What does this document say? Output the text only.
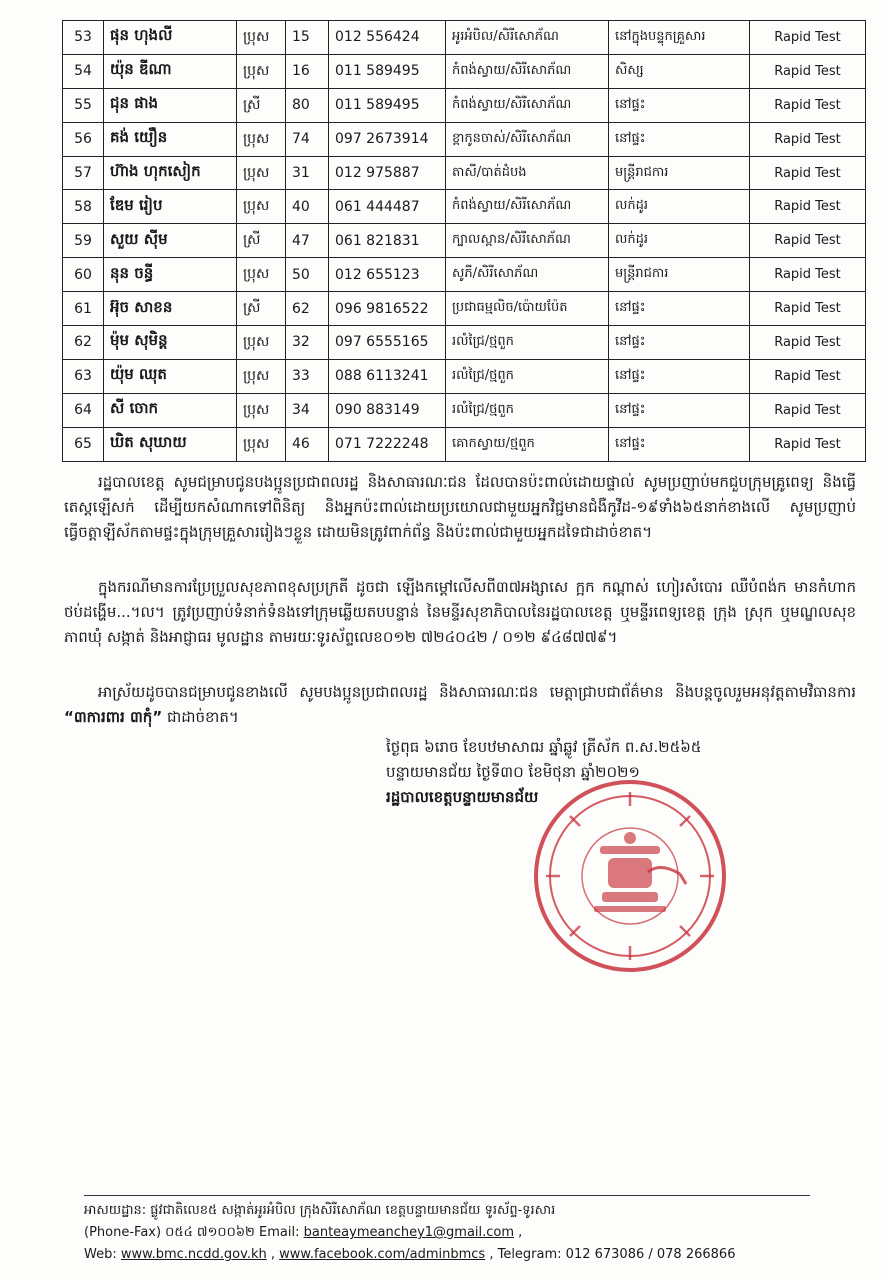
53	ផុន ហុងលី	ប្រុស	15	012 556424	អូរអំបិល/សិរីសោភ័ណ	នៅក្នុងបន្ទុកគ្រួសារ	Rapid Test
54	យ៉ុន ឌីណា	ប្រុស	16	011 589495	កំពង់ស្វាយ/សិរីសោភ័ណ	សិស្ស	Rapid Test
55	ជុន ផាង	ស្រី	80	011 589495	កំពង់ស្វាយ/សិរីសោភ័ណ	នៅផ្ទះ	Rapid Test
56	គង់ យឿន	ប្រុស	74	097 2673914	ខ្ពាកូនចាស់/សិរីសោភ័ណ	នៅផ្ទះ	Rapid Test
57	ហ៊ាង ហុកសៀក	ប្រុស	31	012 975887	តាសី/បាត់ដំបង	មន្ត្រីរាជការ	Rapid Test
58	ឌែម រៀប	ប្រុស	40	061 444487	កំពង់ស្វាយ/សិរីសោភ័ណ	លក់ដូរ	Rapid Test
59	សួយ ស៊ីម	ស្រី	47	061 821831	ក្បាលស្ពាន/សិរីសោភ័ណ	លក់ដូរ	Rapid Test
60	នុន ចន្ធី	ប្រុស	50	012 655123	សូភី/សិរីសោភ័ណ	មន្ត្រីរាជការ	Rapid Test
61	អ៊ុច សាខន	ស្រី	62	096 9816522	ប្រជាធម្មលិច/ប៉ោយប៉ែត	នៅផ្ទះ	Rapid Test
62	ម៉ុម សុមិន្ត	ប្រុស	32	097 6555165	រលំជ្រៃ/ថ្មពួក	នៅផ្ទះ	Rapid Test
63	យ៉ុម ឈុត	ប្រុស	33	088 6113241	រលំជ្រៃ/ថ្មពួក	នៅផ្ទះ	Rapid Test
64	សី ចោក	ប្រុស	34	090 883149	រលំជ្រៃ/ថ្មពួក	នៅផ្ទះ	Rapid Test
65	ឃិត សុឃាយ	ប្រុស	46	071 7222248	គោកស្វាយ/ថ្មពួក	នៅផ្ទះ	Rapid Test

រដ្ឋបាលខេត្ត សូមជម្រាបជូនបងប្អូនប្រជាពលរដ្ឋ និងសាធារណៈជន ដែលបានប៉ះពាល់ដោយផ្ទាល់ សូមប្រញាប់មកជួបក្រុមគ្រូពេទ្យ និងធ្វើតេស្តឡើសក់ ដើម្បីយកសំណាកទៅពិនិត្យ និងអ្នកប៉ះពាល់ដោយប្រយោលជាមួយអ្នកវិជ្ជមានជំងឺកូវីដ-១៩ទាំង៦៥នាក់ខាងលើ សូមប្រញាប់ធ្វើចត្តាឡីស័កតាមផ្ទះក្នុងក្រុមគ្រួសាររៀងៗខ្លួន ដោយមិនត្រូវពាក់ព័ន្ធ និងប៉ះពាល់ជាមួយអ្នកដទៃជាដាច់ខាត។

ក្នុងករណីមានការប្រែប្រួលសុខភាពខុសប្រក្រតី ដូចជា ឡើងកម្តៅលើសពី៣៧អង្សាសេ ក្អក កណ្តាស់ ហៀរសំបោរ ឈឺបំពង់ក មានកំហាក ថប់ដង្ហើម...។ល។ ត្រូវប្រញាប់ទំនាក់ទំនងទៅក្រុមឆ្លើយតបបន្ទាន់ នៃមន្ទីរសុខាភិបាលនៃរដ្ឋបាលខេត្ត ឬមន្ទីរពេទ្យខេត្ត ក្រុង ស្រុក ឬមណ្ឌលសុខភាពឃុំ សង្កាត់ និងអាជ្ញាធរ មូលដ្ឋាន តាមរយៈទូរស័ព្ទលេខ០១២ ៧២៤០៤២ / ០១២ ៩៤៨៧៧៩។

អាស្រ័យដូចបានជម្រាបជូនខាងលើ សូមបងប្អូនប្រជាពលរដ្ឋ និងសាធារណៈជន មេត្តាជ្រាបជាព័ត៌មាន និងបន្តចូលរួមអនុវត្តតាមវិធានការ “៣ការពារ ៣កុំ” ជាដាច់ខាត។

ថ្ងៃពុធ ៦រោច ខែបឋមាសាឍ ឆ្នាំឆ្លូវ ត្រីស័ក ព.ស.២៥៦៥
បន្ទាយមានជ័យ ថ្ងៃទី៣០ ខែមិថុនា ឆ្នាំ២០២១
រដ្ឋបាលខេត្តបន្ទាយមានជ័យ
អាសយដ្ឋាន: ផ្លូវជាតិលេខ៥ សង្កាត់អូរអំបិល ក្រុងសិរីសោភ័ណ ខេត្តបន្ទាយមានជ័យ ទូរស័ព្ទ-ទូរសារ
(Phone-Fax) ០៥៤ ៧១០០៦២ Email: banteaymeanchey1@gmail.com ,
Web: www.bmc.ncdd.gov.kh , www.facebook.com/adminbmcs , Telegram: 012 673086 / 078 266866
